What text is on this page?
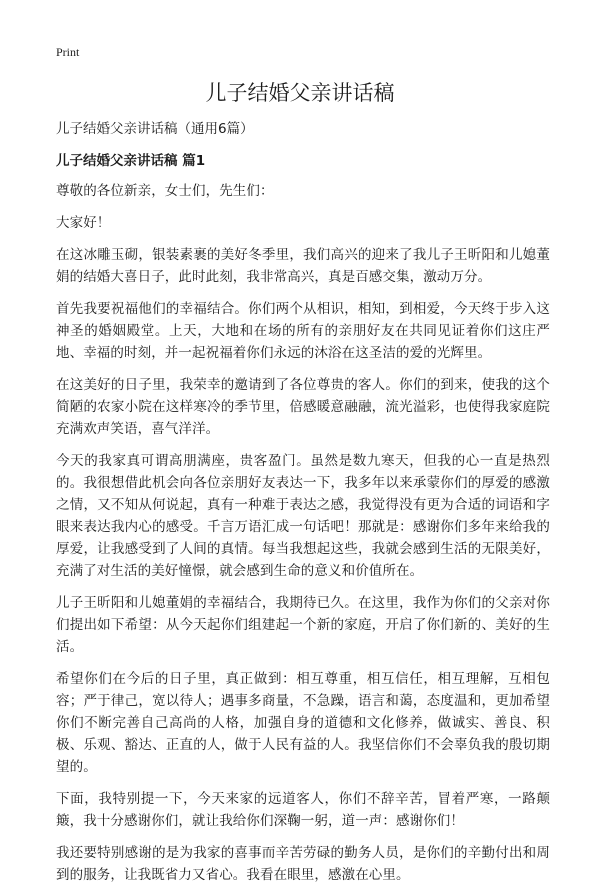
Print
儿子结婚父亲讲话稿

儿子结婚父亲讲话稿（通用6篇）

儿子结婚父亲讲话稿 篇1

尊敬的各位新亲，女士们，先生们：

大家好！

在这冰雕玉砌，银装素裹的美好冬季里，我们高兴的迎来了我儿子王昕阳和儿媳董娟的结婚大喜日子，此时此刻，我非常高兴，真是百感交集，激动万分。

首先我要祝福他们的幸福结合。你们两个从相识，相知，到相爱，今天终于步入这神圣的婚姻殿堂。上天，大地和在场的所有的亲朋好友在共同见证着你们这庄严地、幸福的时刻，并一起祝福着你们永远的沐浴在这圣洁的爱的光辉里。

在这美好的日子里，我荣幸的邀请到了各位尊贵的客人。你们的到来，使我的这个简陋的农家小院在这样寒冷的季节里，倍感暖意融融，流光溢彩，也使得我家庭院充满欢声笑语，喜气洋洋。

今天的我家真可谓高朋满座，贵客盈门。虽然是数九寒天，但我的心一直是热烈的。我很想借此机会向各位亲朋好友表达一下，我多年以来承蒙你们的厚爱的感激之情，又不知从何说起，真有一种难于表达之感，我觉得没有更为合适的词语和字眼来表达我内心的感受。千言万语汇成一句话吧！那就是：感谢你们多年来给我的厚爱，让我感受到了人间的真情。每当我想起这些，我就会感到生活的无限美好，充满了对生活的美好憧憬，就会感到生命的意义和价值所在。

儿子王昕阳和儿媳董娟的幸福结合，我期待已久。在这里，我作为你们的父亲对你们提出如下希望：从今天起你们组建起一个新的家庭，开启了你们新的、美好的生活。

希望你们在今后的日子里，真正做到：相互尊重，相互信任，相互理解，互相包容；严于律己，宽以待人；遇事多商量，不急躁，语言和蔼，态度温和，更加希望你们不断完善自己高尚的人格，加强自身的道德和文化修养，做诚实、善良、积极、乐观、豁达、正直的人，做于人民有益的人。我坚信你们不会辜负我的殷切期望的。

下面，我特别提一下，今天来家的远道客人，你们不辞辛苦，冒着严寒，一路颠簸，我十分感谢你们，就让我给你们深鞠一躬，道一声：感谢你们！

我还要特别感谢的是为我家的喜事而辛苦劳碌的勤务人员，是你们的辛勤付出和周到的服务，让我既省力又省心。我看在眼里，感激在心里。
